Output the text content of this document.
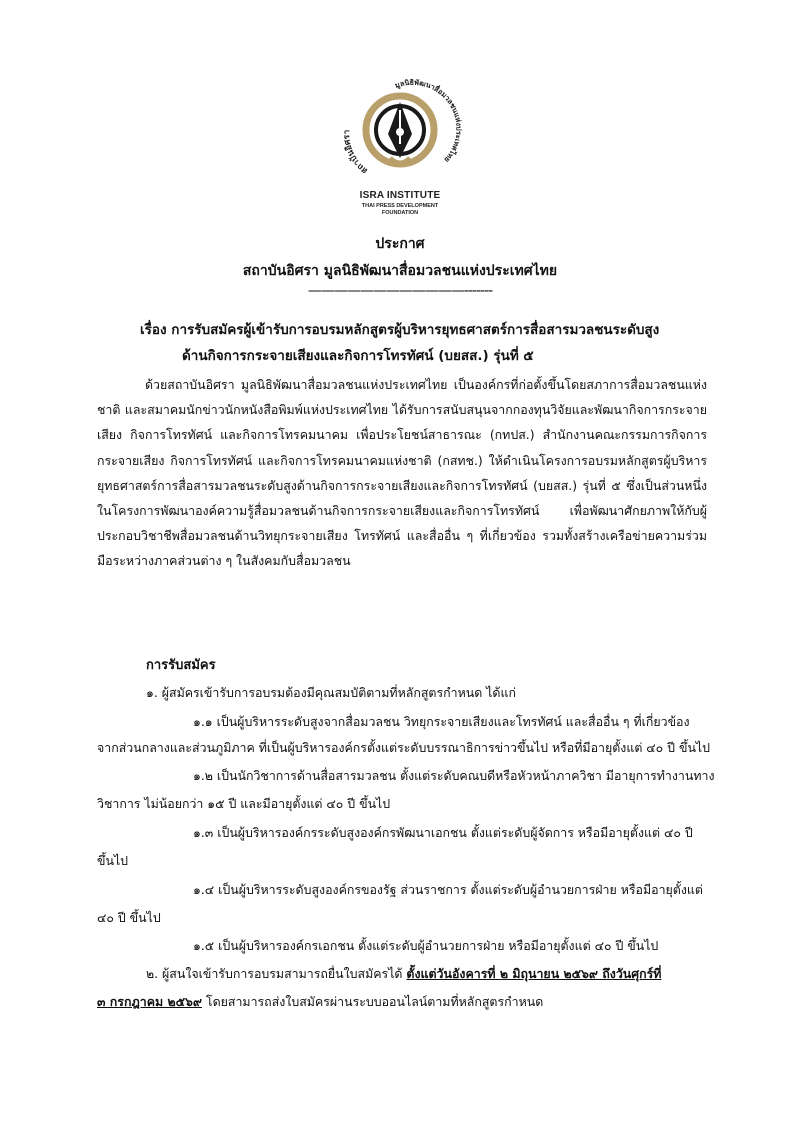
สถาบันอิศรา
มูลนิธิพัฒนาสื่อมวลชนแห่งประเทศไทย
ISRA INSTITUTE
THAI PRESS DEVELOPMENT
FOUNDATION
ประกาศ
สถาบันอิศรา มูลนิธิพัฒนาสื่อมวลชนแห่งประเทศไทย
————————————-------
เรื่อง การรับสมัครผู้เข้ารับการอบรมหลักสูตรผู้บริหารยุทธศาสตร์การสื่อสารมวลชนระดับสูง
ด้านกิจการกระจายเสียงและกิจการโทรทัศน์ (บยสส.) รุ่นที่ ๕
ด้วยสถาบันอิศรา มูลนิธิพัฒนาสื่อมวลชนแห่งประเทศไทย เป็นองค์กรที่ก่อตั้งขึ้นโดยสภาการสื่อมวลชนแห่งชาติ และสมาคมนักข่าวนักหนังสือพิมพ์แห่งประเทศไทย ได้รับการสนับสนุนจากกองทุนวิจัยและพัฒนากิจการกระจายเสียง กิจการโทรทัศน์ และกิจการโทรคมนาคม เพื่อประโยชน์สาธารณะ (กทปส.) สำนักงานคณะกรรมการกิจการกระจายเสียง กิจการโทรทัศน์ และกิจการโทรคมนาคมแห่งชาติ (กสทช.) ให้ดำเนินโครงการอบรมหลักสูตรผู้บริหารยุทธศาสตร์การสื่อสารมวลชนระดับสูงด้านกิจการกระจายเสียงและกิจการโทรทัศน์ (บยสส.) รุ่นที่ ๕ ซึ่งเป็นส่วนหนึ่งในโครงการพัฒนาองค์ความรู้สื่อมวลชนด้านกิจการกระจายเสียงและกิจการโทรทัศน์ เพื่อพัฒนาศักยภาพให้กับผู้ประกอบวิชาชีพสื่อมวลชนด้านวิทยุกระจายเสียง โทรทัศน์ และสื่ออื่น ๆ ที่เกี่ยวข้อง รวมทั้งสร้างเครือข่ายความร่วมมือระหว่างภาคส่วนต่าง ๆ ในสังคมกับสื่อมวลชน
การรับสมัคร
๑. ผู้สมัครเข้ารับการอบรมต้องมีคุณสมบัติตามที่หลักสูตรกำหนด ได้แก่
๑.๑ เป็นผู้บริหารระดับสูงจากสื่อมวลชน วิทยุกระจายเสียงและโทรทัศน์ และสื่ออื่น ๆ ที่เกี่ยวข้อง
จากส่วนกลางและส่วนภูมิภาค ที่เป็นผู้บริหารองค์กรตั้งแต่ระดับบรรณาธิการข่าวขึ้นไป หรือที่มีอายุตั้งแต่ ๔๐ ปี ขึ้นไป
๑.๒ เป็นนักวิชาการด้านสื่อสารมวลชน ตั้งแต่ระดับคณบดีหรือหัวหน้าภาควิชา มีอายุการทำงานทาง
วิชาการ ไม่น้อยกว่า ๑๕ ปี และมีอายุตั้งแต่ ๔๐ ปี ขึ้นไป
๑.๓ เป็นผู้บริหารองค์กรระดับสูงองค์กรพัฒนาเอกชน ตั้งแต่ระดับผู้จัดการ หรือมีอายุตั้งแต่ ๔๐ ปี
ขึ้นไป
๑.๔ เป็นผู้บริหารระดับสูงองค์กรของรัฐ ส่วนราชการ ตั้งแต่ระดับผู้อำนวยการฝ่าย หรือมีอายุตั้งแต่
๔๐ ปี ขึ้นไป
๑.๕ เป็นผู้บริหารองค์กรเอกชน ตั้งแต่ระดับผู้อำนวยการฝ่าย หรือมีอายุตั้งแต่ ๔๐ ปี ขึ้นไป
๒. ผู้สนใจเข้ารับการอบรมสามารถยื่นใบสมัครได้ ตั้งแต่วันอังคารที่ ๒ มิถุนายน ๒๕๖๙ ถึงวันศุกร์ที่
๓ กรกฎาคม ๒๕๖๙ โดยสามารถส่งใบสมัครผ่านระบบออนไลน์ตามที่หลักสูตรกำหนด
